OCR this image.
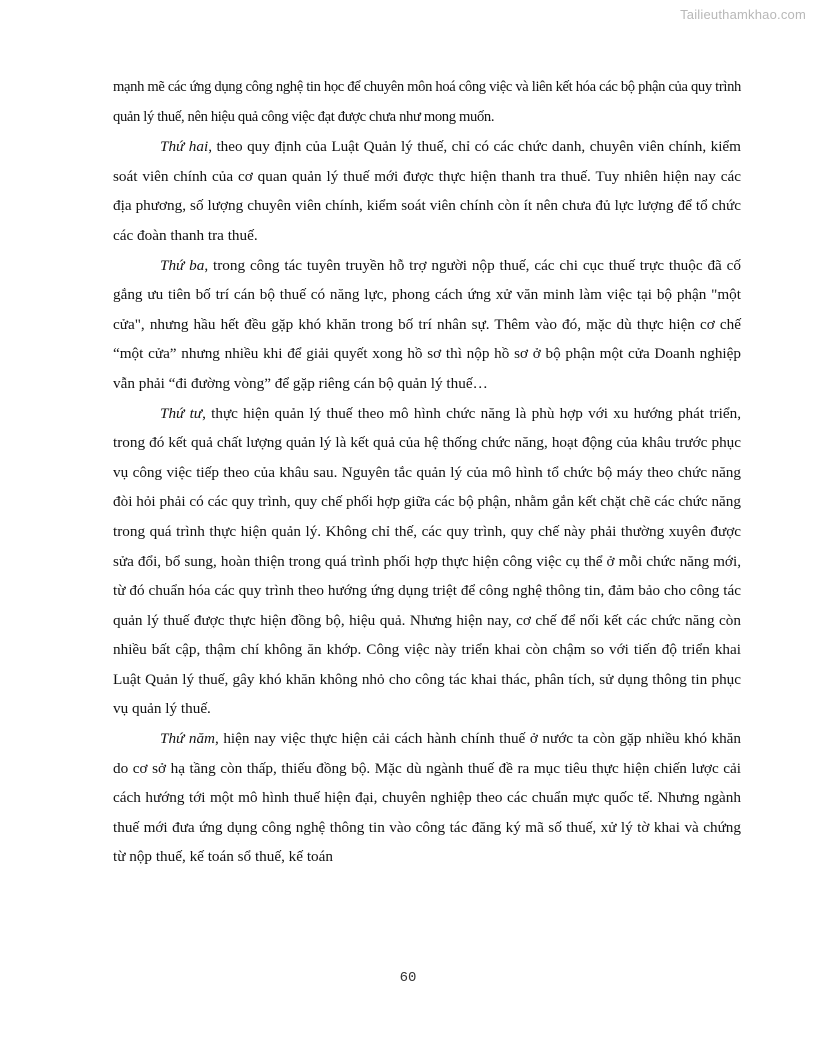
Tailieuthamkhao.com

mạnh mẽ các ứng dụng công nghệ tin học để chuyên môn hoá công việc và liên kết hóa các bộ phận của quy trình quản lý thuế, nên hiệu quả công việc đạt được chưa như mong muốn.

Thứ hai, theo quy định của Luật Quản lý thuế, chỉ có các chức danh, chuyên viên chính, kiểm soát viên chính của cơ quan quản lý thuế mới được thực hiện thanh tra thuế. Tuy nhiên hiện nay các địa phương, số lượng chuyên viên chính, kiểm soát viên chính còn ít nên chưa đủ lực lượng để tổ chức các đoàn thanh tra thuế.

Thứ ba, trong công tác tuyên truyền hỗ trợ người nộp thuế, các chi cục thuế trực thuộc đã cố gắng ưu tiên bố trí cán bộ thuế có năng lực, phong cách ứng xử văn minh làm việc tại bộ phận "một cửa", nhưng hầu hết đều gặp khó khăn trong bố trí nhân sự. Thêm vào đó, mặc dù thực hiện cơ chế “một cửa” nhưng nhiều khi để giải quyết xong hồ sơ thì nộp hồ sơ ở bộ phận một cửa Doanh nghiệp vẫn phải “đi đường vòng” để gặp riêng cán bộ quản lý thuế…

Thứ tư, thực hiện quản lý thuế theo mô hình chức năng là phù hợp với xu hướng phát triển, trong đó kết quả chất lượng quản lý là kết quả của hệ thống chức năng, hoạt động của khâu trước phục vụ công việc tiếp theo của khâu sau. Nguyên tắc quản lý của mô hình tổ chức bộ máy theo chức năng đòi hỏi phải có các quy trình, quy chế phối hợp giữa các bộ phận, nhằm gắn kết chặt chẽ các chức năng trong quá trình thực hiện quản lý. Không chỉ thế, các quy trình, quy chế này phải thường xuyên được sửa đổi, bổ sung, hoàn thiện trong quá trình phối hợp thực hiện công việc cụ thể ở mỗi chức năng mới, từ đó chuẩn hóa các quy trình theo hướng ứng dụng triệt để công nghệ thông tin, đảm bảo cho công tác quản lý thuế được thực hiện đồng bộ, hiệu quả. Nhưng hiện nay, cơ chế để nối kết các chức năng còn nhiều bất cập, thậm chí không ăn khớp. Công việc này triển khai còn chậm so với tiến độ triển khai Luật Quản lý thuế, gây khó khăn không nhỏ cho công tác khai thác, phân tích, sử dụng thông tin phục vụ quản lý thuế.

Thứ năm, hiện nay việc thực hiện cải cách hành chính thuế ở nước ta còn gặp nhiều khó khăn do cơ sở hạ tầng còn thấp, thiếu đồng bộ. Mặc dù ngành thuế đề ra mục tiêu thực hiện chiến lược cải cách hướng tới một mô hình thuế hiện đại, chuyên nghiệp theo các chuẩn mực quốc tế. Nhưng ngành thuế mới đưa ứng dụng công nghệ thông tin vào công tác đăng ký mã số thuế, xử lý tờ khai và chứng từ nộp thuế, kế toán sổ thuế, kế toán

60
